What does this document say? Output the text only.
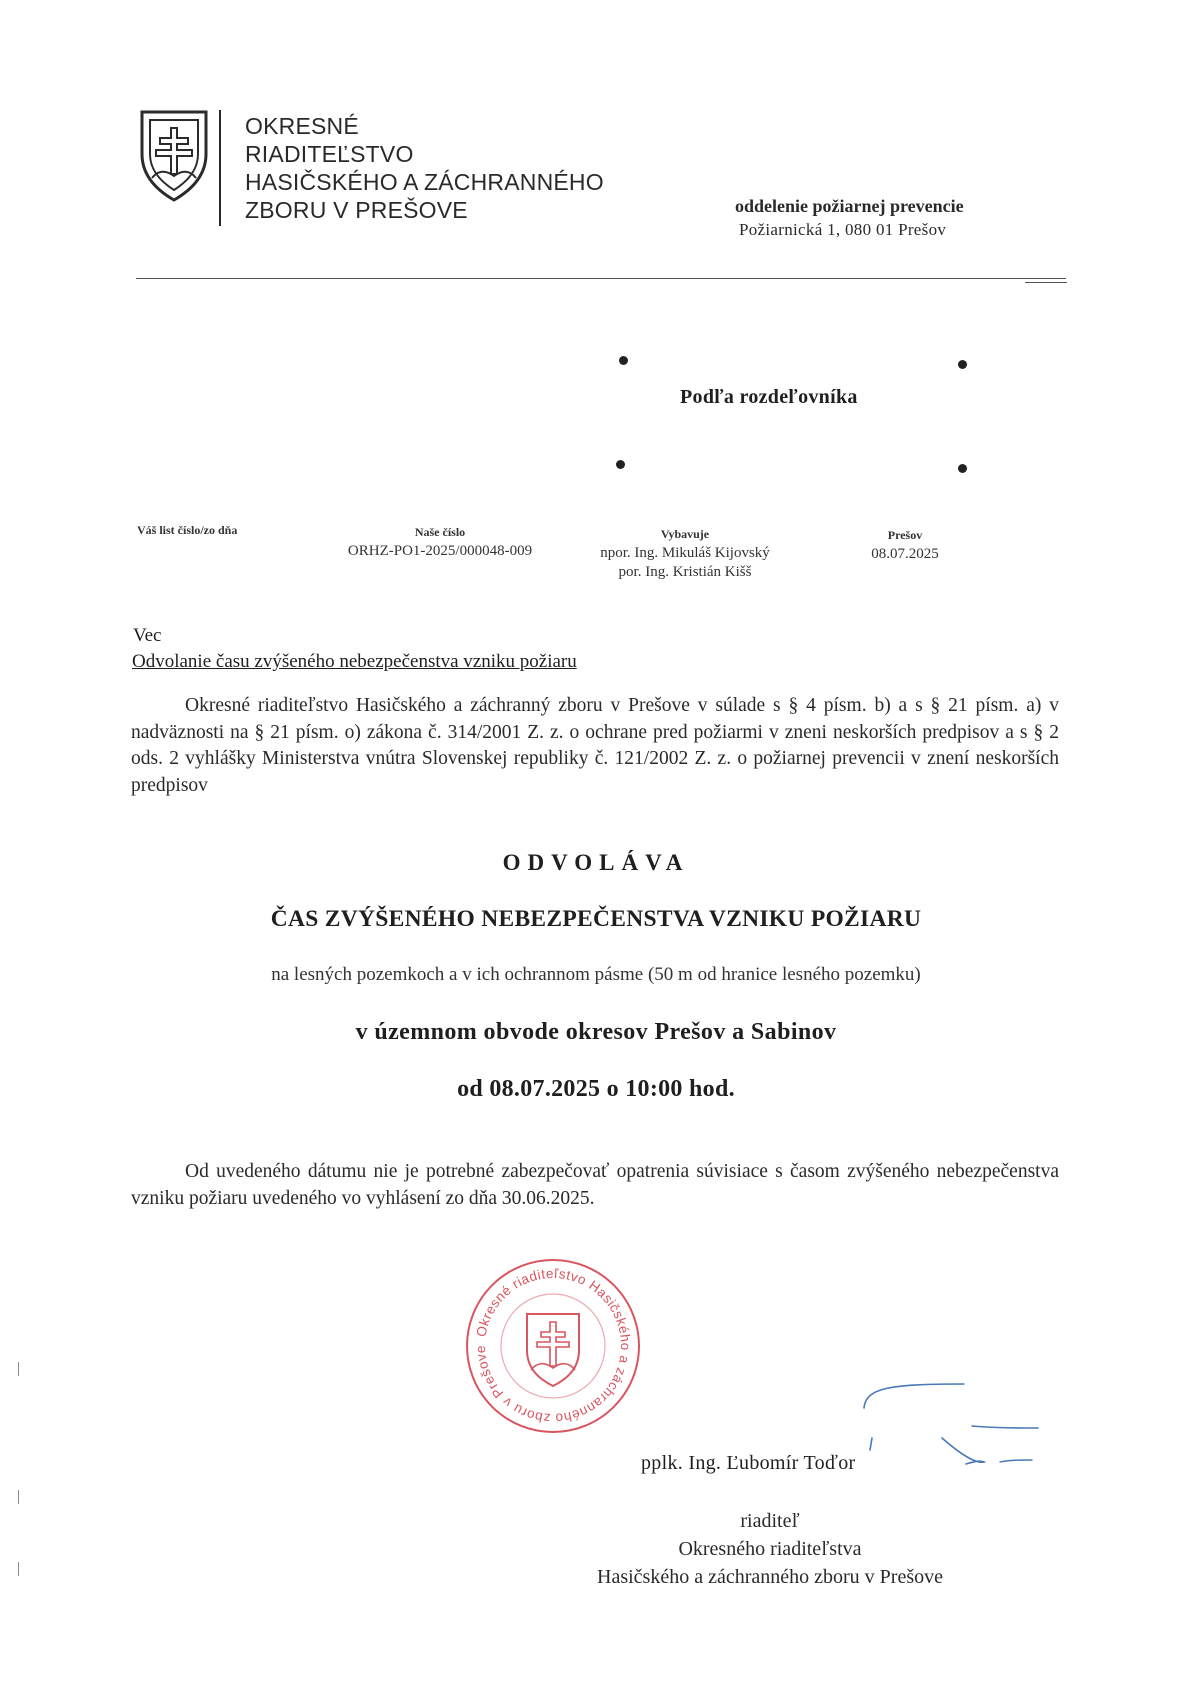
OKRESNÉ
RIADITEĽSTVO
HASIČSKÉHO A ZÁCHRANNÉHO
ZBORU V PREŠOVE	oddelenie požiarnej prevencie
Požiarnická 1, 080 01 Prešov
Podľa rozdeľovníka
Váš list číslo/zo dňa	Naše číslo
ORHZ-PO1-2025/000048-009
Vybavuje
npor. Ing. Mikuláš Kijovský
por. Ing. Kristián Kišš
Prešov
08.07.2025
Vec
Odvolanie času zvýšeného nebezpečenstva vzniku požiaru
Okresné riaditeľstvo Hasičského a záchranný zboru v Prešove v súlade s § 4 písm. b) a s § 21 písm. a) v nadväznosti na § 21 písm. o) zákona č. 314/2001 Z. z. o ochrane pred požiarmi v zneni neskorších predpisov a s § 2 ods. 2 vyhlášky Ministerstva vnútra Slovenskej republiky č. 121/2002 Z. z. o požiarnej prevencii v znení neskorších predpisov
ODVOLÁVA
ČAS ZVÝŠENÉHO NEBEZPEČENSTVA VZNIKU POŽIARU
na lesných pozemkoch a v ich ochrannom pásme (50 m od hranice lesného pozemku)
v územnom obvode okresov Prešov a Sabinov
od 08.07.2025 o 10:00 hod.
Od uvedeného dátumu nie je potrebné zabezpečovať opatrenia súvisiace s časom zvýšeného nebezpečenstva vzniku požiaru uvedeného vo vyhlásení zo dňa 30.06.2025.
Okresné riaditeľstvo Hasičského a záchranného zboru v Prešove
pplk. Ing. Ľubomír Toďor
riaditeľ
Okresného riaditeľstva
Hasičského a záchranného zboru v Prešove
